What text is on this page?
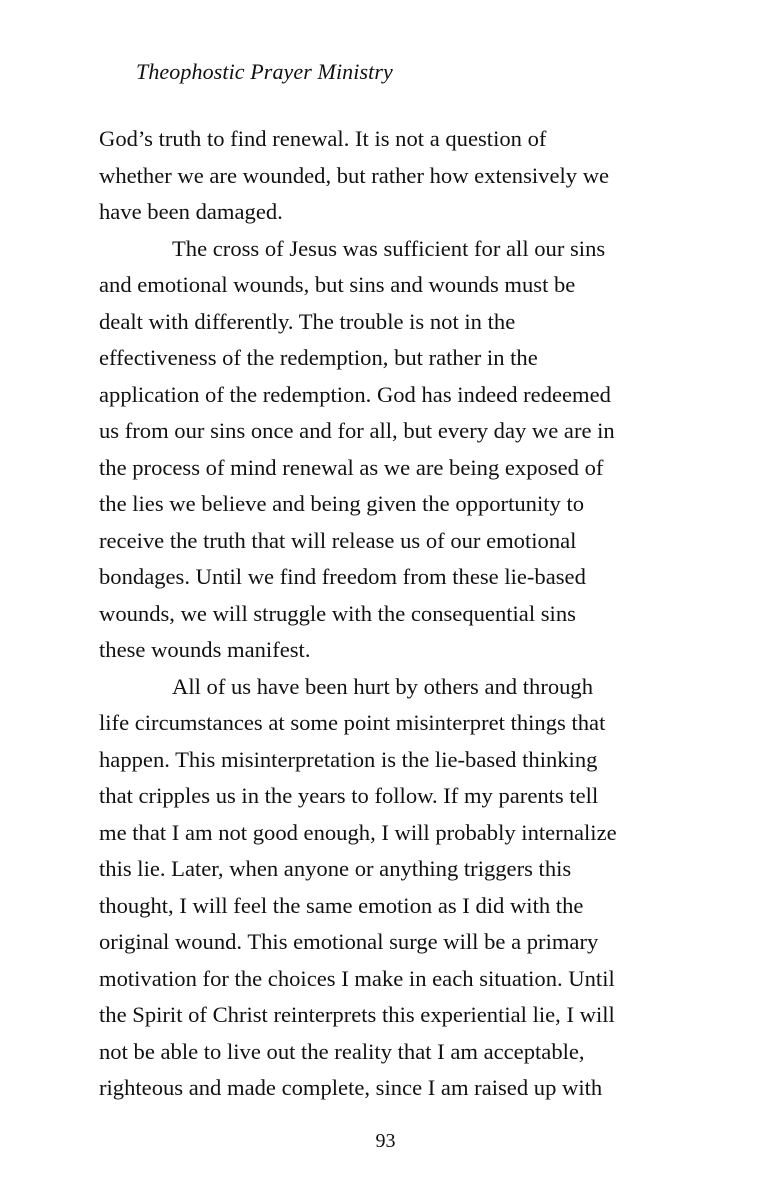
Theophostic Prayer Ministry
God’s truth to find renewal. It is not a question of
whether we are wounded, but rather how extensively we
have been damaged.
The cross of Jesus was sufficient for all our sins
and emotional wounds, but sins and wounds must be
dealt with differently. The trouble is not in the
effectiveness of the redemption, but rather in the
application of the redemption. God has indeed redeemed
us from our sins once and for all, but every day we are in
the process of mind renewal as we are being exposed of
the lies we believe and being given the opportunity to
receive the truth that will release us of our emotional
bondages. Until we find freedom from these lie-based
wounds, we will struggle with the consequential sins
these wounds manifest.
All of us have been hurt by others and through
life circumstances at some point misinterpret things that
happen. This misinterpretation is the lie-based thinking
that cripples us in the years to follow. If my parents tell
me that I am not good enough, I will probably internalize
this lie. Later, when anyone or anything triggers this
thought, I will feel the same emotion as I did with the
original wound. This emotional surge will be a primary
motivation for the choices I make in each situation. Until
the Spirit of Christ reinterprets this experiential lie, I will
not be able to live out the reality that I am acceptable,
righteous and made complete, since I am raised up with
93
